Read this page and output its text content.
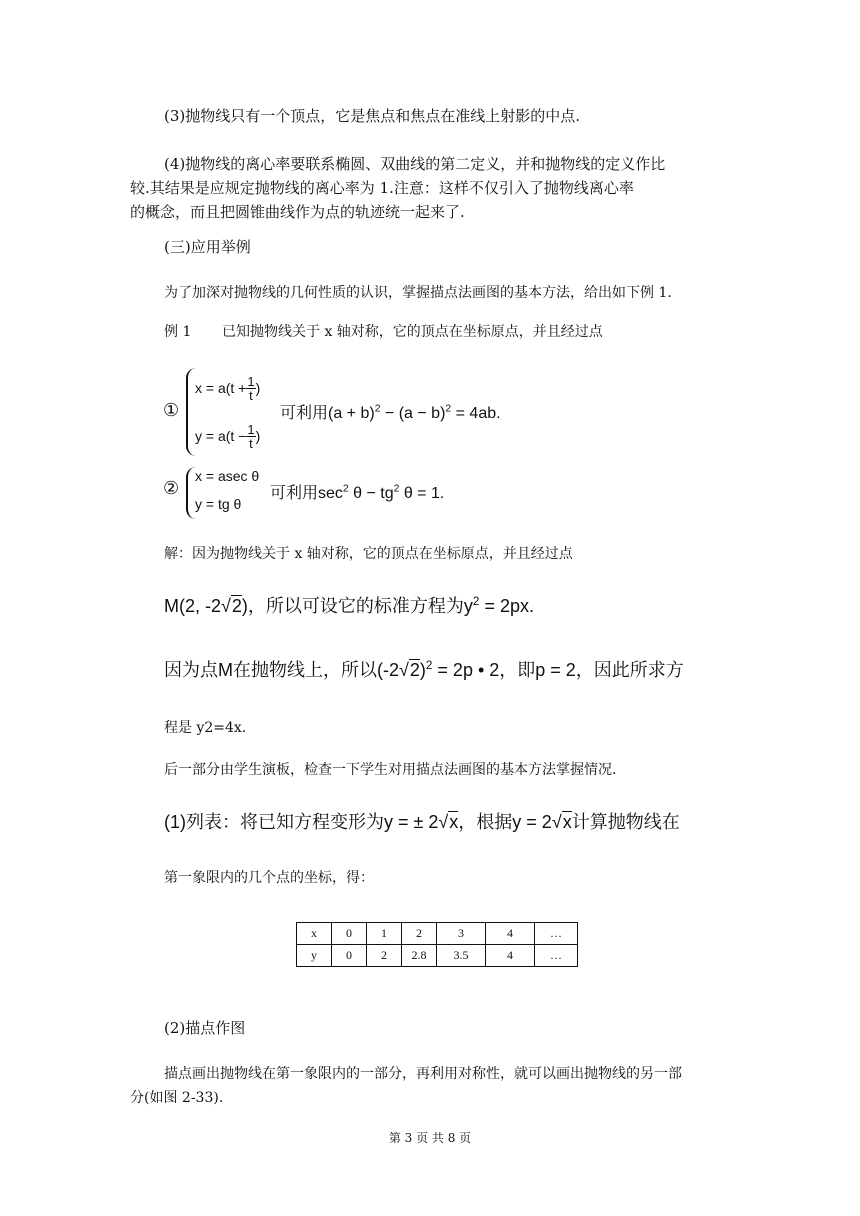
(3)抛物线只有一个顶点，它是焦点和焦点在准线上射影的中点.
(4)抛物线的离心率要联系椭圆、双曲线的第二定义，并和抛物线的定义作比
较.其结果是应规定抛物线的离心率为 1.注意：这样不仅引入了抛物线离心率
的概念，而且把圆锥曲线作为点的轨迹统一起来了.
(三)应用举例
为了加深对抛物线的几何性质的认识，掌握描点法画图的基本方法，给出如下例 1.
例 1 已知抛物线关于 x 轴对称，它的顶点在坐标原点，并且经过点
①
$x = a(t + \frac{1}{t}$ )
$y = a(t - \frac{1}{t}$ )
可利用$(a + b)^2 - (a - b)^2 = 4ab$.
②
x = asec θ
y = tg θ
可利用$\sec^2 \theta - tg^2$ θ = 1.
解：因为抛物线关于 x 轴对称，它的顶点在坐标原点，并且经过点
M(2, -2√2)，所以可设它的标准方程为$y^2 = 2px$.
因为点M在抛物线上，所以$(-2√2)^2 = 2p$ • 2，即p = 2，因此所求方
程是 y2=4x.
后一部分由学生演板，检查一下学生对用描点法画图的基本方法掌握情况.
(1)列表：将已知方程变形为y = ± 2√x，根据y = 2√x计算抛物线在
第一象限内的几个点的坐标，得：
x	0	1	2	3	4	…
y	0	2	2.8	3.5	4	…
(2)描点作图
描点画出抛物线在第一象限内的一部分，再利用对称性，就可以画出抛物线的另一部
分(如图 2-33).
第 3 页 共 8 页
